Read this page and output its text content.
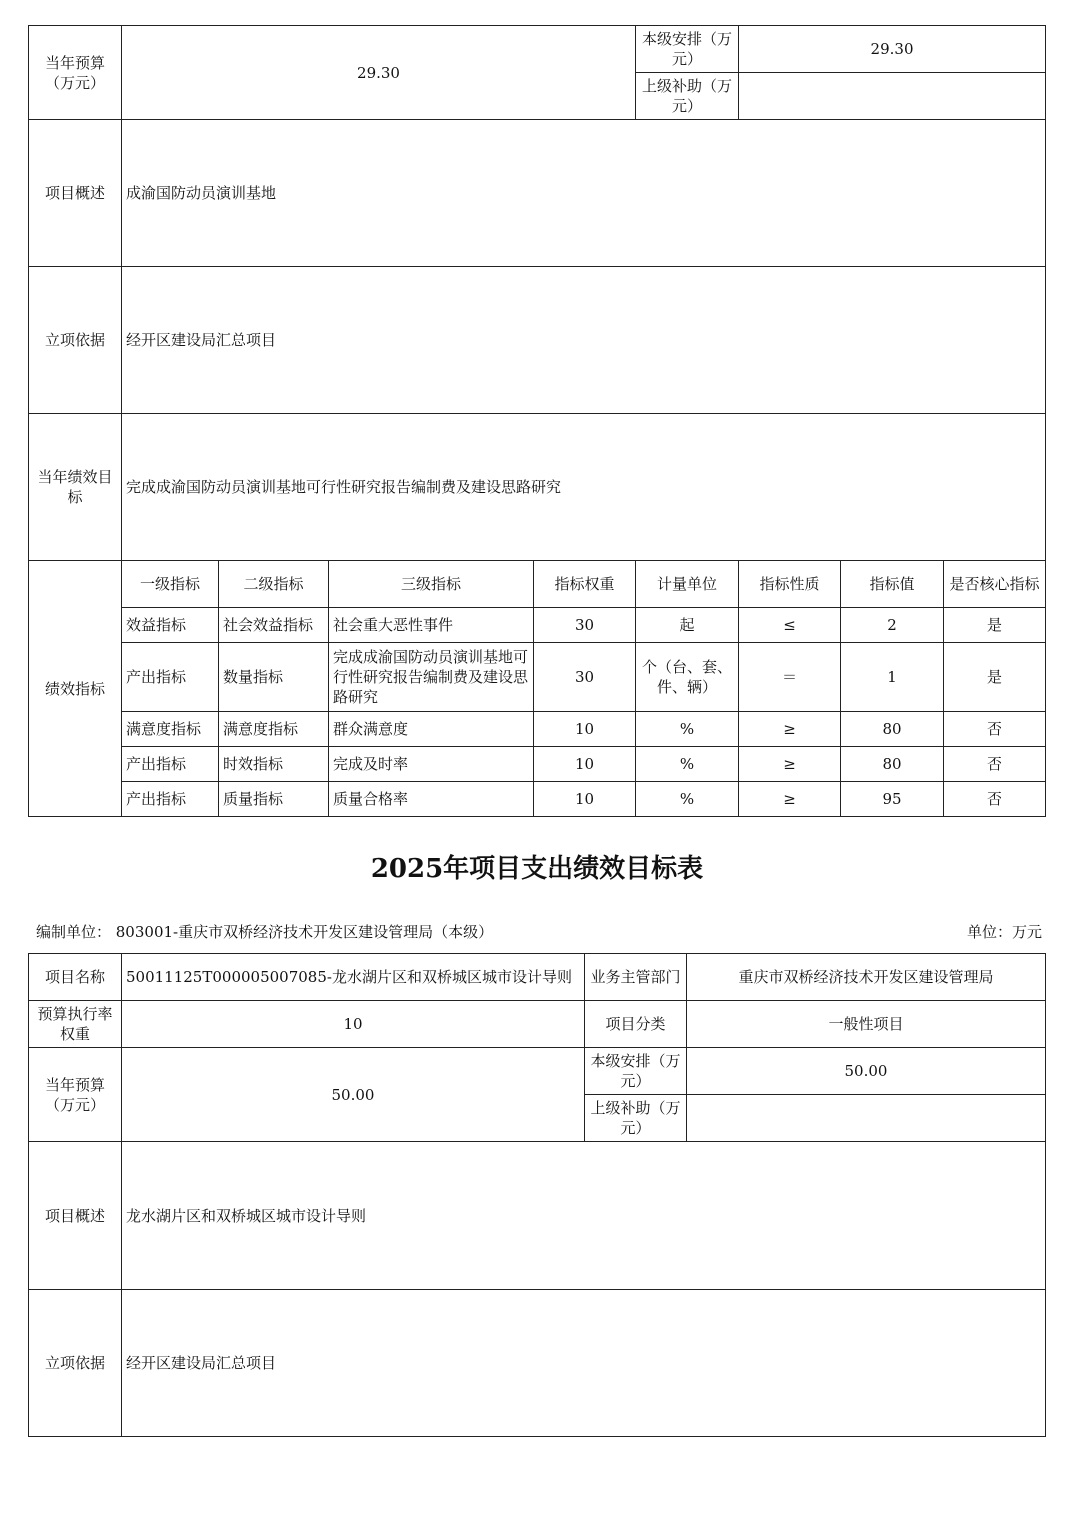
当年预算（万元）	29.30				本级安排（万元）	29.30		
					上级补助（万元）			
项目概述	成渝国防动员演训基地							
立项依据	经开区建设局汇总项目							
当年绩效目标	完成成渝国防动员演训基地可行性研究报告编制费及建设思路研究							
绩效指标	一级指标	二级指标	三级指标	指标权重	计量单位	指标性质	指标值	是否核心指标
	效益指标	社会效益指标	社会重大恶性事件	30	起	≤	2	是
	产出指标	数量指标	完成成渝国防动员演训基地可行性研究报告编制费及建设思路研究	30	个（台、套、件、辆）	＝	1	是
	满意度指标	满意度指标	群众满意度	10	%	≥	80	否
	产出指标	时效指标	完成及时率	10	%	≥	80	否
	产出指标	质量指标	质量合格率	10	%	≥	95	否
2025年项目支出绩效目标表
编制单位： 803001-重庆市双桥经济技术开发区建设管理局（本级）	单位：万元
项目名称	50011125T000005007085-龙水湖片区和双桥城区城市设计导则	业务主管部门	重庆市双桥经济技术开发区建设管理局
预算执行率权重	10	项目分类	一般性项目
当年预算（万元）	50.00	本级安排（万元）	50.00
		上级补助（万元）	
项目概述	龙水湖片区和双桥城区城市设计导则		
立项依据	经开区建设局汇总项目		
